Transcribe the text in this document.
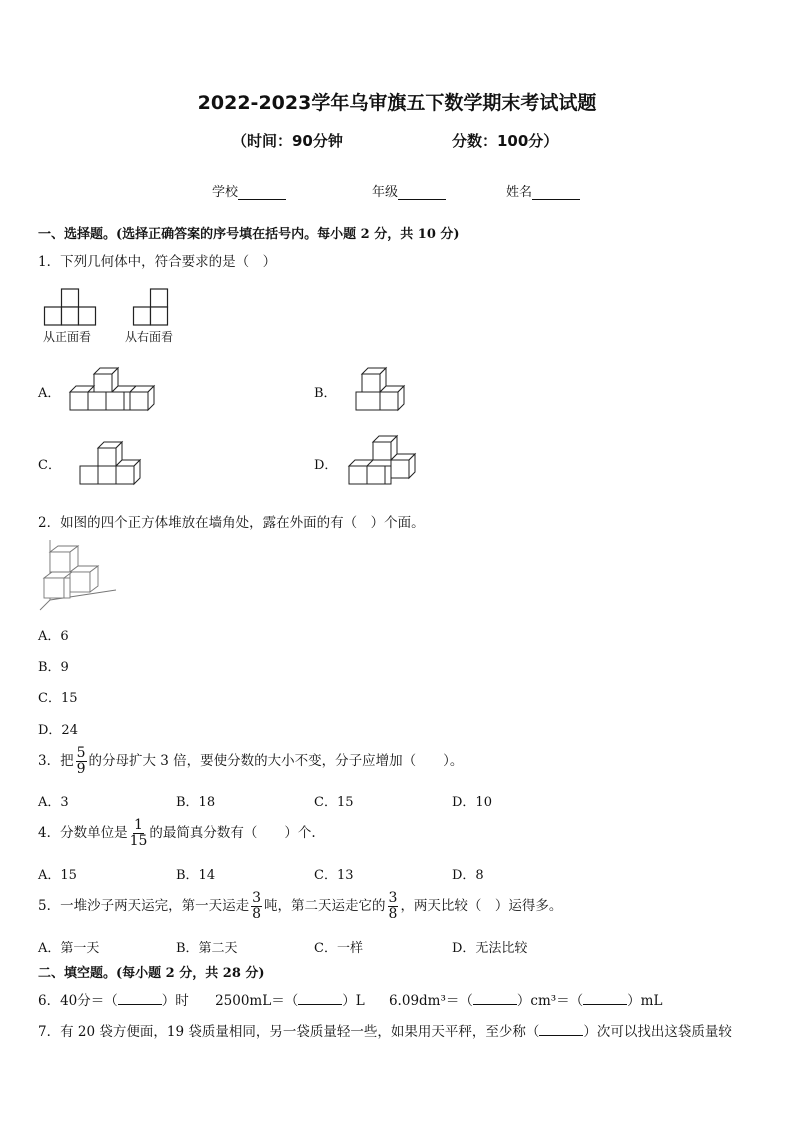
2022-2023学年乌审旗五下数学期末考试试题
（时间：90分钟	分数：100分）
学校	年级	姓名
一、选择题。(选择正确答案的序号填在括号内。每小题 2 分，共 10 分)
1．下列几何体中，符合要求的是（　）
从正面看	从右面看
A．	B．
C．	D．
2．如图的四个正方体堆放在墙角处，露在外面的有（　）个面。
A．6
B．9
C．15
D．24
3．把 $\frac{5}{9}$ 的分母扩大 3 倍，要使分数的大小不变，分子应增加（　　）。
A．3	B．18	C．15	D．10
4．分数单位是 $\frac{1}{15}$ 的最简真分数有（　　）个.
A．15	B．14	C．13	D．8
5．一堆沙子两天运完，第一天运走 $\frac{3}{8}$ 吨，第二天运走它的 $\frac{3}{8}$ ，两天比较（　）运得多。
A．第一天	B．第二天	C．一样	D．无法比较
二、填空题。(每小题 2 分，共 28 分)
6．40分＝（	）时 2500mL＝（	）L 6.09dm³＝（	）cm³＝（	）mL
7．有 20 袋方便面，19 袋质量相同，另一袋质量轻一些，如果用天平秤，至少称（	）次可以找出这袋质量较
